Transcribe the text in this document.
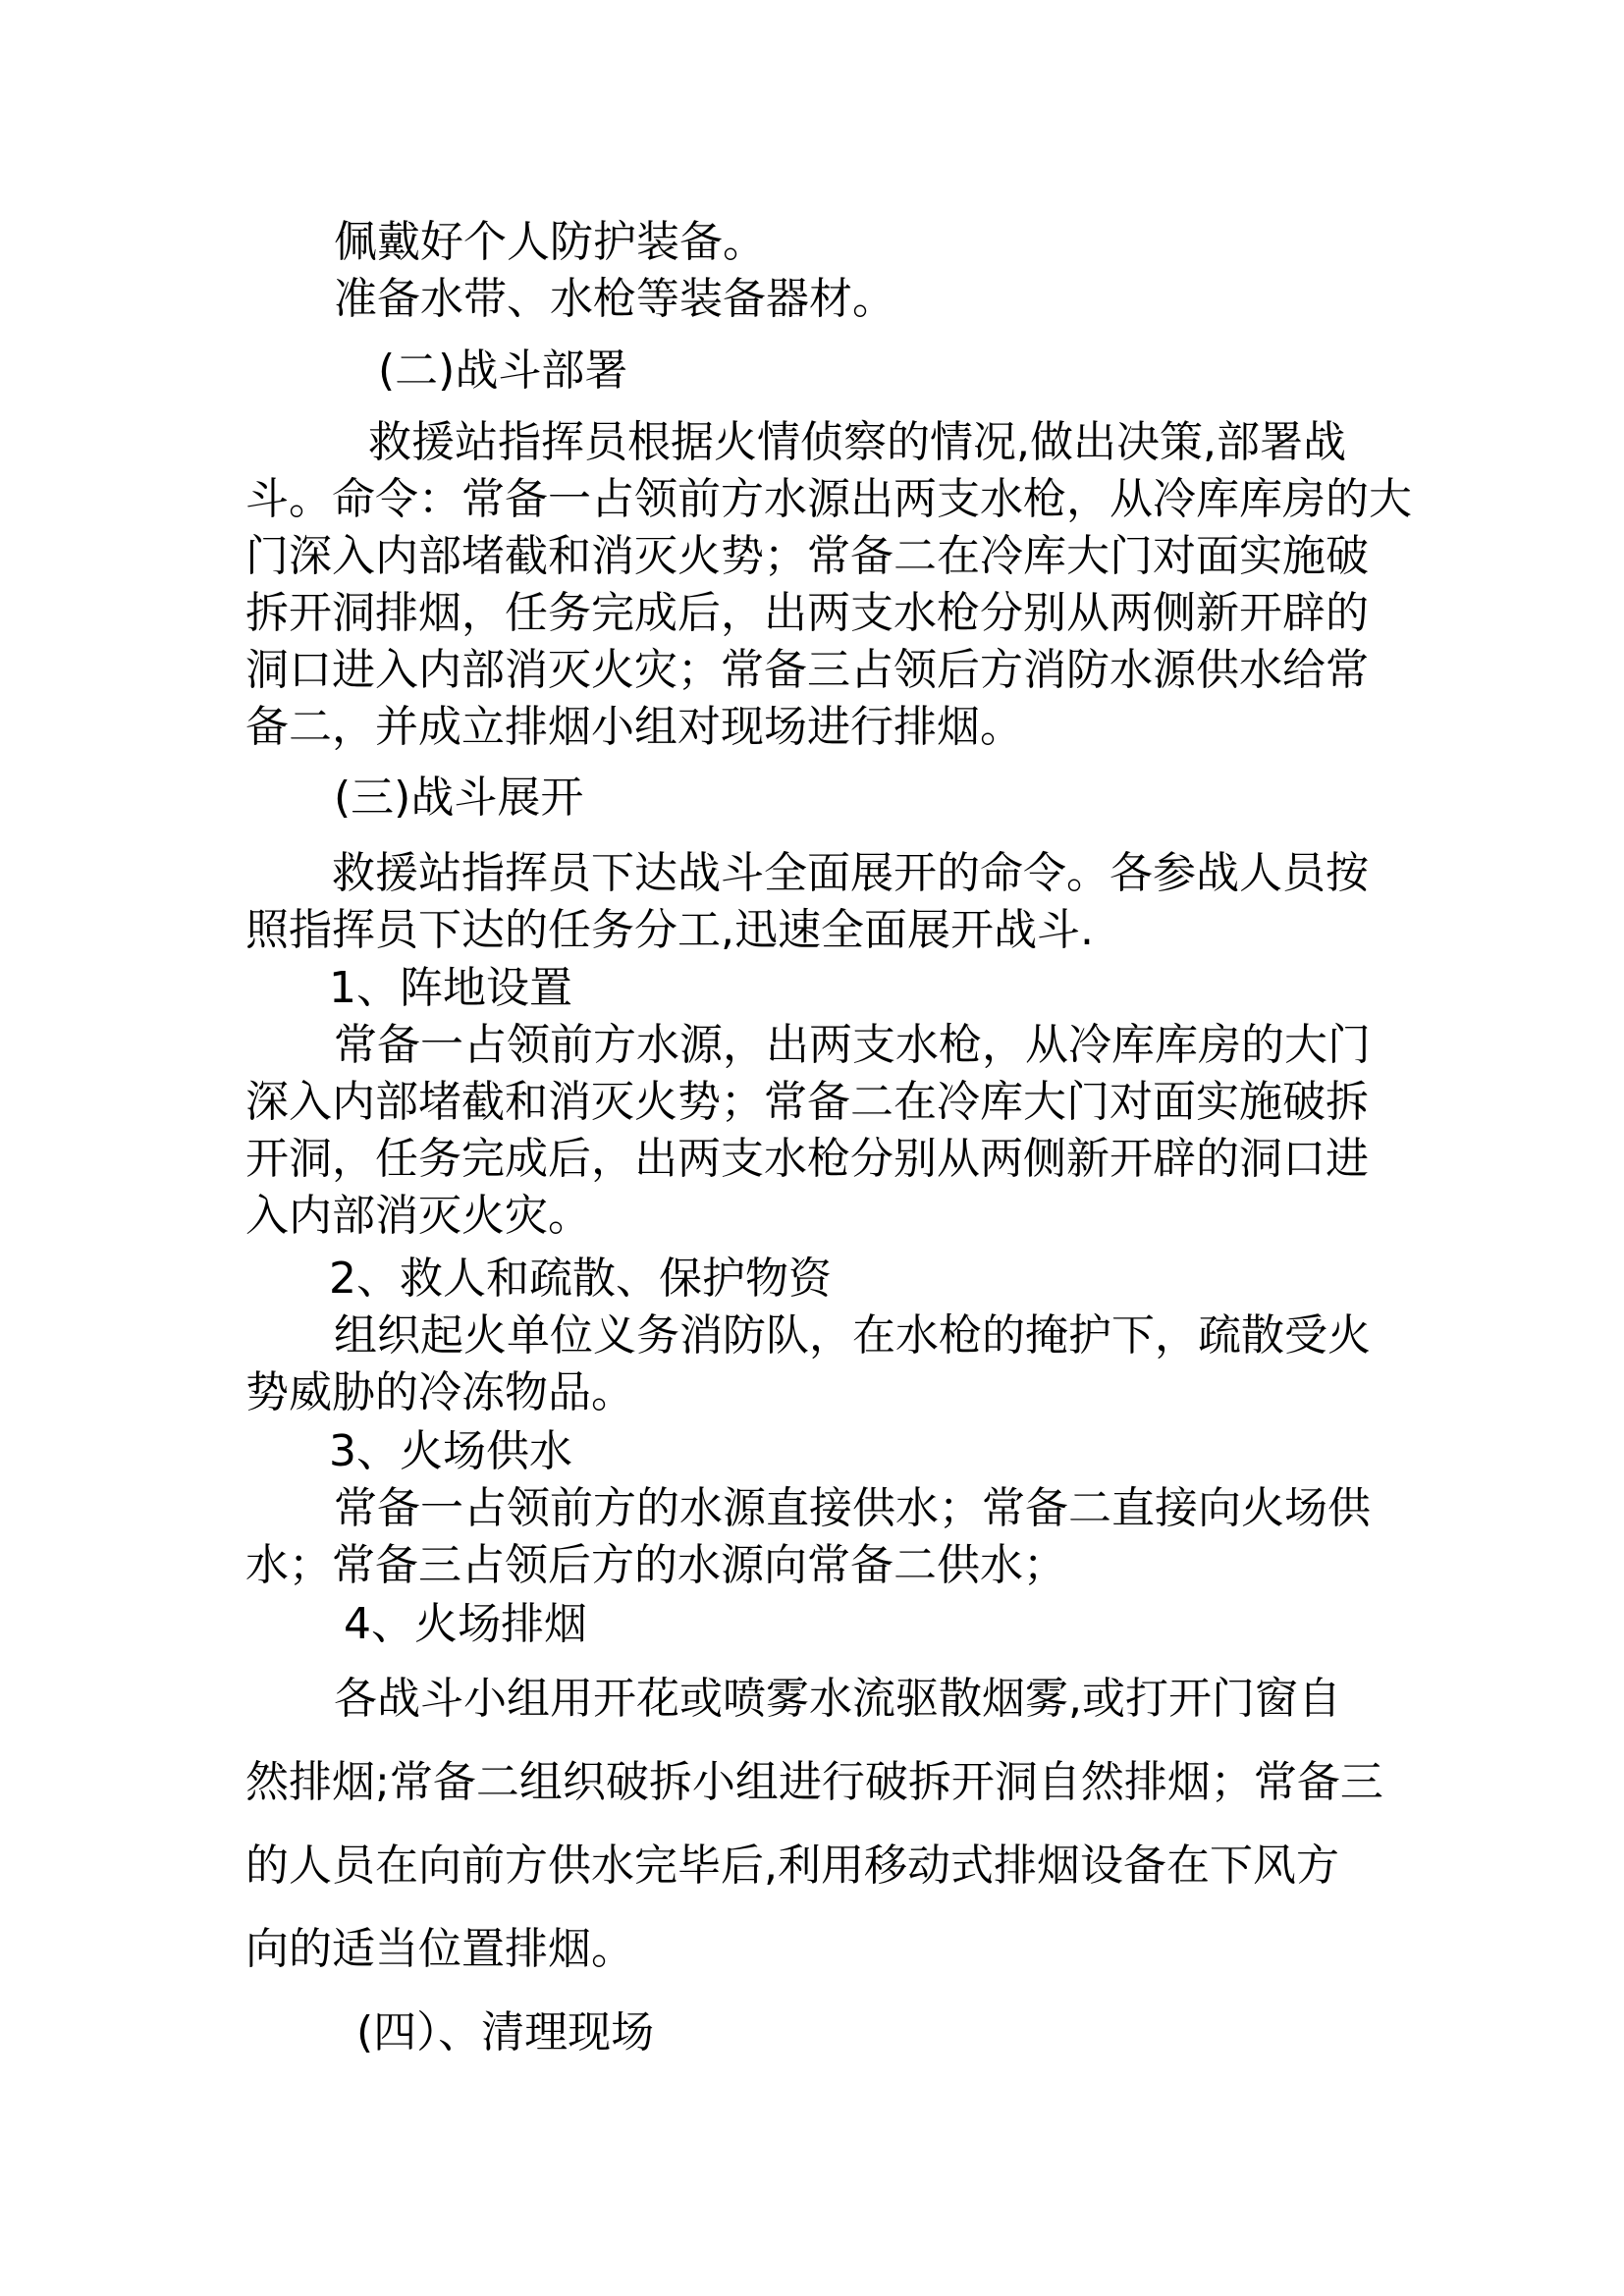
佩戴好个人防护装备。
准备水带、水枪等装备器材。
(二)战斗部署
救援站指挥员根据火情侦察的情况,做出决策,部署战
斗。命令：常备一占领前方水源出两支水枪，从冷库库房的大
门深入内部堵截和消灭火势；常备二在冷库大门对面实施破
拆开洞排烟，任务完成后，出两支水枪分别从两侧新开辟的
洞口进入内部消灭火灾；常备三占领后方消防水源供水给常
备二，并成立排烟小组对现场进行排烟。
(三)战斗展开
救援站指挥员下达战斗全面展开的命令。各参战人员按
照指挥员下达的任务分工,迅速全面展开战斗.
1、阵地设置
常备一占领前方水源，出两支水枪，从冷库库房的大门
深入内部堵截和消灭火势；常备二在冷库大门对面实施破拆
开洞，任务完成后，出两支水枪分别从两侧新开辟的洞口进
入内部消灭火灾。
2、救人和疏散、保护物资
组织起火单位义务消防队，在水枪的掩护下，疏散受火
势威胁的冷冻物品。
3、火场供水
常备一占领前方的水源直接供水；常备二直接向火场供
水；常备三占领后方的水源向常备二供水；
4、火场排烟
各战斗小组用开花或喷雾水流驱散烟雾,或打开门窗自
然排烟;常备二组织破拆小组进行破拆开洞自然排烟；常备三
的人员在向前方供水完毕后,利用移动式排烟设备在下风方
向的适当位置排烟。
(四）、清理现场
